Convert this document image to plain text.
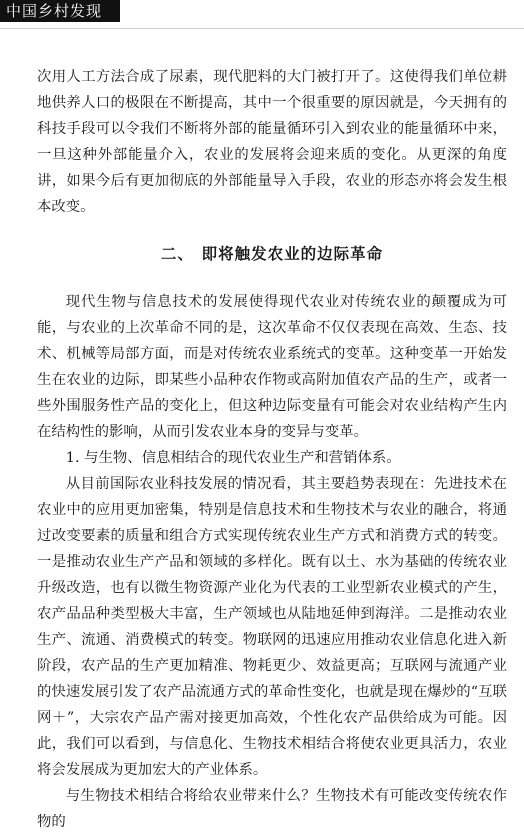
中国乡村发现

次用人工方法合成了尿素，现代肥料的大门被打开了。这使得我们单位耕地供养人口的极限在不断提高，其中一个很重要的原因就是，今天拥有的科技手段可以令我们不断将外部的能量循环引入到农业的能量循环中来，一旦这种外部能量介入，农业的发展将会迎来质的变化。从更深的角度讲，如果今后有更加彻底的外部能量导入手段，农业的形态亦将会发生根本改变。

二、 即将触发农业的边际革命

现代生物与信息技术的发展使得现代农业对传统农业的颠覆成为可能，与农业的上次革命不同的是，这次革命不仅仅表现在高效、生态、技术、机械等局部方面，而是对传统农业系统式的变革。这种变革一开始发生在农业的边际，即某些小品种农作物或高附加值农产品的生产，或者一些外围服务性产品的变化上，但这种边际变量有可能会对农业结构产生内在结构性的影响，从而引发农业本身的变异与变革。

1. 与生物、信息相结合的现代农业生产和营销体系。

从目前国际农业科技发展的情况看，其主要趋势表现在：先进技术在农业中的应用更加密集，特别是信息技术和生物技术与农业的融合，将通过改变要素的质量和组合方式实现传统农业生产方式和消费方式的转变。一是推动农业生产产品和领域的多样化。既有以土、水为基础的传统农业升级改造，也有以微生物资源产业化为代表的工业型新农业模式的产生，农产品品种类型极大丰富，生产领域也从陆地延伸到海洋。二是推动农业生产、流通、消费模式的转变。物联网的迅速应用推动农业信息化进入新阶段，农产品的生产更加精准、物耗更少、效益更高；互联网与流通产业的快速发展引发了农产品流通方式的革命性变化，也就是现在爆炒的“互联网＋”，大宗农产品产需对接更加高效，个性化农产品供给成为可能。因此，我们可以看到，与信息化、生物技术相结合将使农业更具活力，农业将会发展成为更加宏大的产业体系。

与生物技术相结合将给农业带来什么？生物技术有可能改变传统农作物的
